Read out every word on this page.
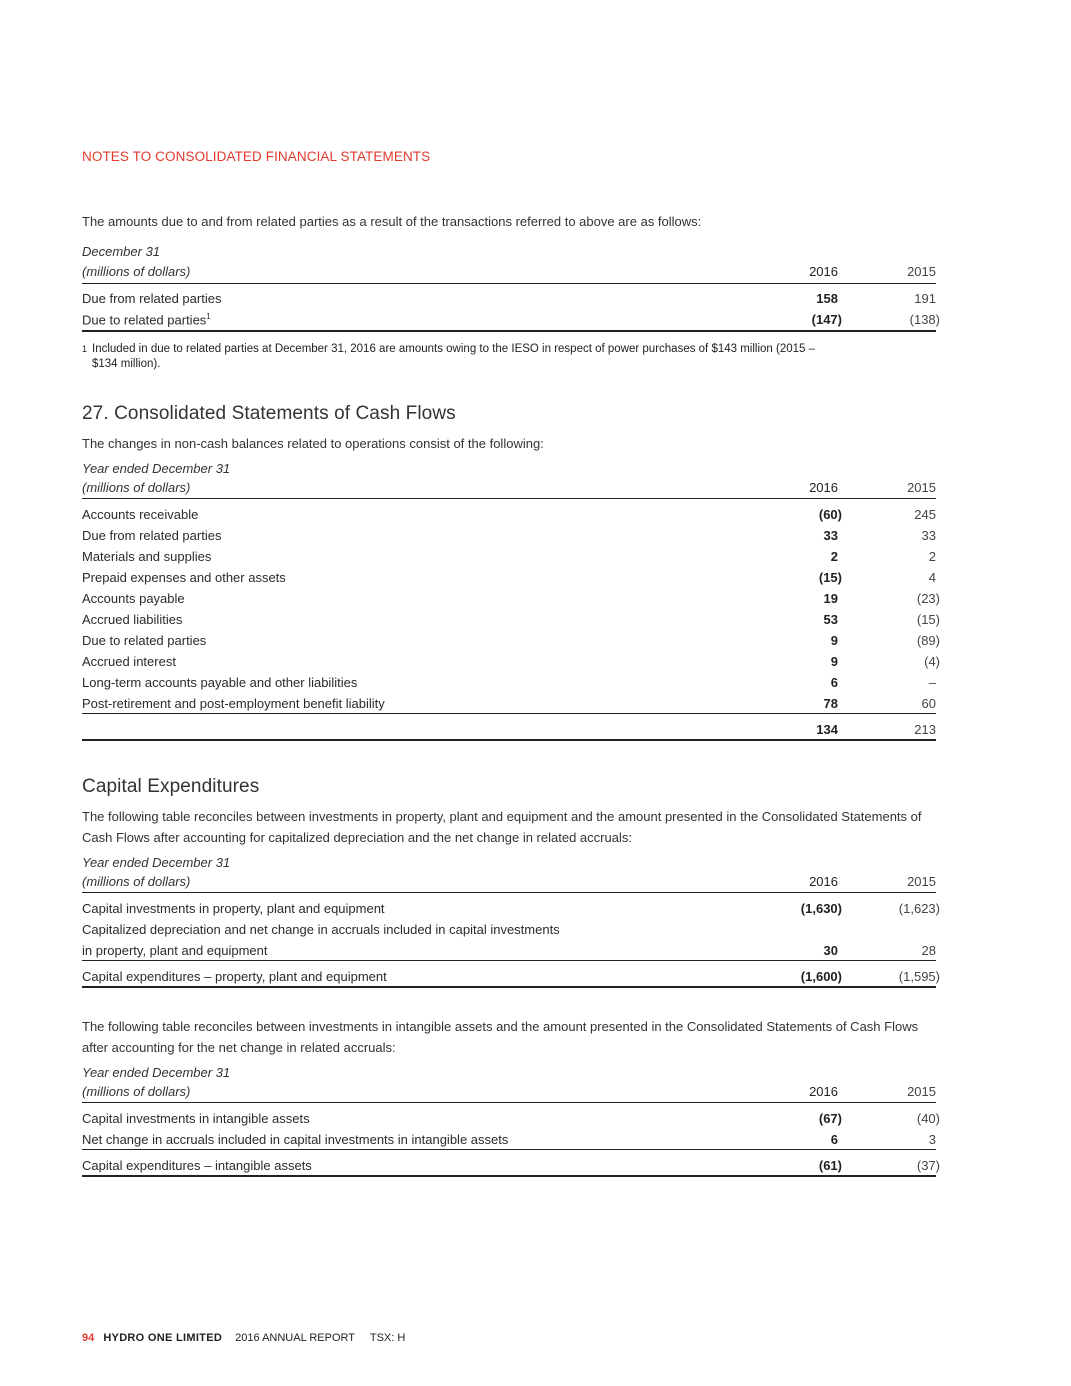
NOTES TO CONSOLIDATED FINANCIAL STATEMENTS
The amounts due to and from related parties as a result of the transactions referred to above are as follows:
December 31
(millions of dollars)	2016	2015
Due from related parties	158	191
Due to related parties$^1$	(147)	(138)
1 Included in due to related parties at December 31, 2016 are amounts owing to the IESO in respect of power purchases of $143 million (2015 –
$134 million).
27. Consolidated Statements of Cash Flows
The changes in non-cash balances related to operations consist of the following:
Year ended December 31
(millions of dollars)	2016	2015
Accounts receivable	(60)	245
Due from related parties	33	33
Materials and supplies	2	2
Prepaid expenses and other assets	(15)	4
Accounts payable	19	(23)
Accrued liabilities	53	(15)
Due to related parties	9	(89)
Accrued interest	9	(4)
Long-term accounts payable and other liabilities	6	–
Post-retirement and post-employment benefit liability	78	60
134	213
Capital Expenditures
The following table reconciles between investments in property, plant and equipment and the amount presented in the Consolidated Statements of
Cash Flows after accounting for capitalized depreciation and the net change in related accruals:
Year ended December 31
(millions of dollars)	2016	2015
Capital investments in property, plant and equipment	(1,630)	(1,623)
Capitalized depreciation and net change in accruals included in capital investments
in property, plant and equipment	30	28
Capital expenditures – property, plant and equipment	(1,600)	(1,595)
The following table reconciles between investments in intangible assets and the amount presented in the Consolidated Statements of Cash Flows
after accounting for the net change in related accruals:
Year ended December 31
(millions of dollars)	2016	2015
Capital investments in intangible assets	(67)	(40)
Net change in accruals included in capital investments in intangible assets	6	3
Capital expenditures – intangible assets	(61)	(37)
94 HYDRO ONE LIMITED 2016 ANNUAL REPORT TSX: H
